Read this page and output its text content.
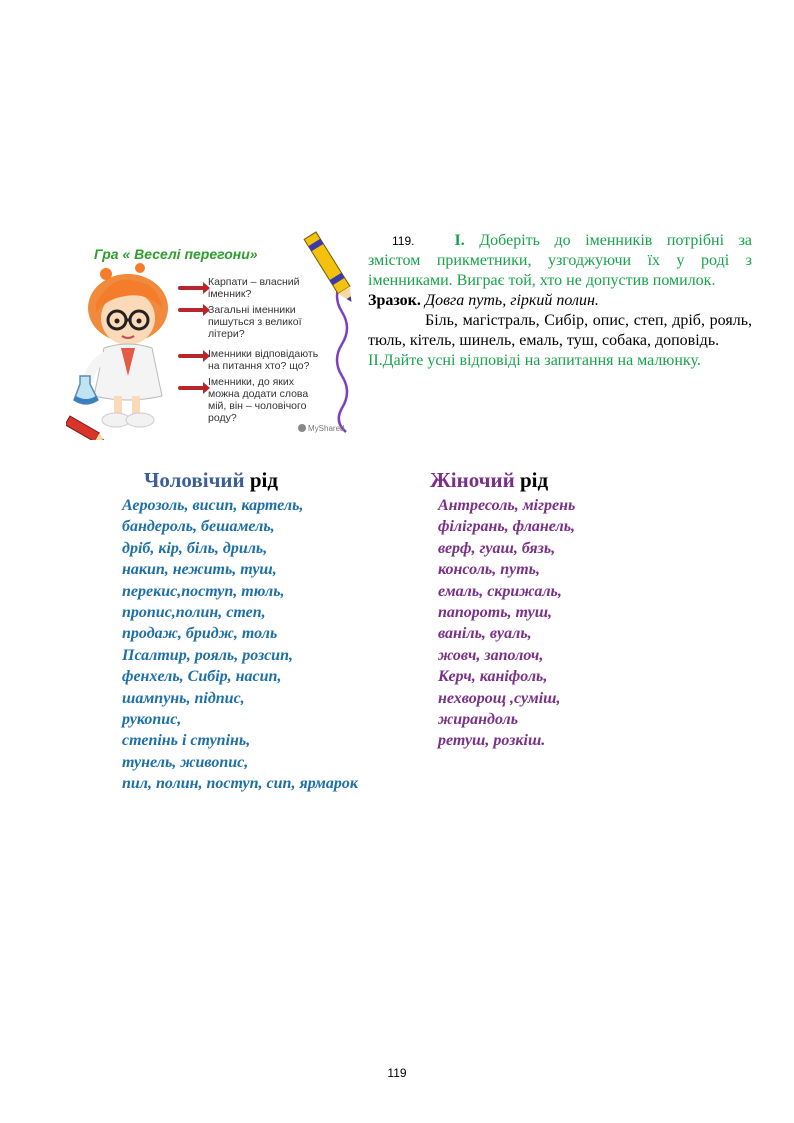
Гра « Веселі перегони»
Карпати – власний
іменник?
Загальні іменники
пишуться з великої
літери?
Іменники відповідають
на питання хто? що?
Іменники, до яких
можна додати слова
мій, він – чоловічого
роду?
MyShared

119.	I. Доберіть до іменників потрібні за змістом прикметники, узгоджуючи їх у роді з іменниками. Виграє той, хто не допустив помилок.

Зразок. Довга путь, гіркий полин.

Біль, магістраль, Сибір, опис, степ, дріб, рояль, тюль, кітель, шинель, емаль, туш, собака, доповідь.

ІІ.Дайте усні відповіді на запитання на малюнку.

Чоловічий рід	Жіночий рід
Аерозоль, висип, картель,
бандероль, бешамель,
дріб, кір, біль, дриль,
накип, нежить, туш,
перекис,поступ, тюль,
пропис,полин, степ,
продаж, бридж, толь
Псалтир, рояль, розсип,
фенхель, Сибір, насип,
шампунь, підпис,
рукопис,
степінь і ступінь,
тунель, живопис,
пил, полин, поступ, сип, ярмарок
Антресоль, мігрень
філігрань, фланель,
верф, гуаш, бязь,
консоль, путь,
емаль, скрижаль,
папороть, туш,
ваніль, вуаль,
жовч, заполоч,
Керч, каніфоль,
нехворощ ,суміш,
жирандоль
ретуш, розкіш.
119
